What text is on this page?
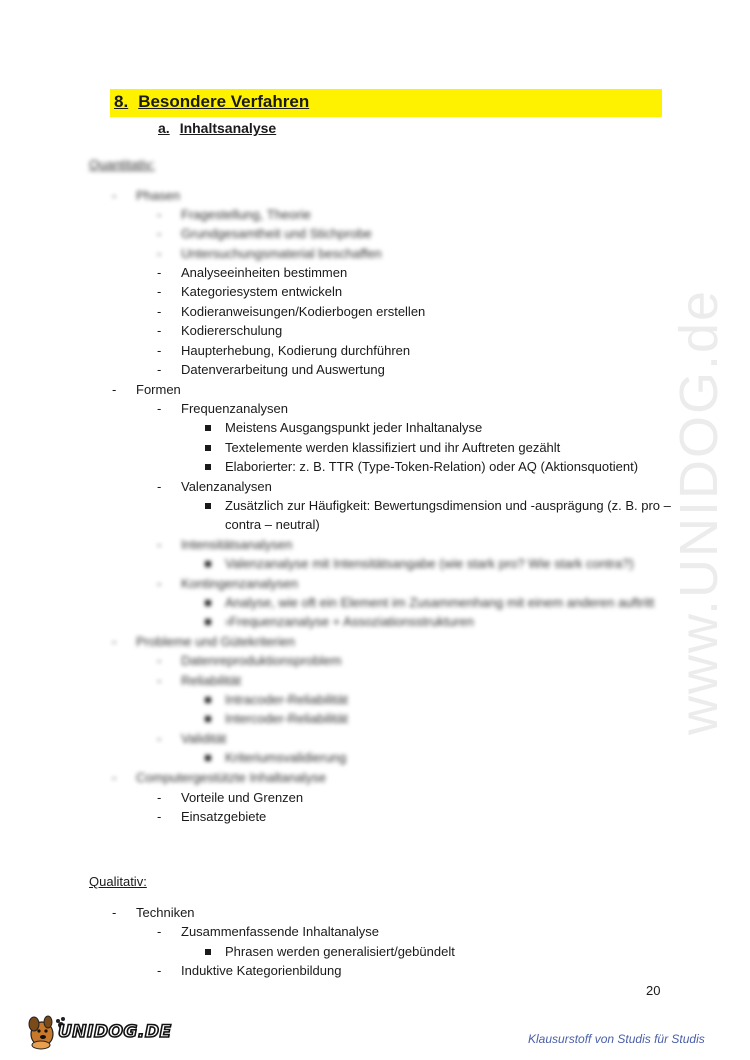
8. Besondere Verfahren
a. Inhaltsanalyse
Quantitativ:
- Phasen
- Fragestellung, Theorie
- Grundgesamtheit und Stichprobe
- Untersuchungsmaterial beschaffen
- Analyseeinheiten bestimmen
- Kategoriesystem entwickeln
- Kodieranweisungen/Kodierbogen erstellen
- Kodiererschulung
- Haupterhebung, Kodierung durchführen
- Datenverarbeitung und Auswertung
- Formen
- Frequenzanalysen
Meistens Ausgangspunkt jeder Inhaltanalyse
Textelemente werden klassifiziert und ihr Auftreten gezählt
Elaborierter: z. B. TTR (Type-Token-Relation) oder AQ (Aktionsquotient)
- Valenzanalysen
Zusätzlich zur Häufigkeit: Bewertungsdimension und -ausprägung (z. B. pro –
contra – neutral)
- Intensitätsanalysen
Valenzanalyse mit Intensitätsangabe (wie stark pro? Wie stark contra?)
- Kontingenzanalysen
Analyse, wie oft ein Element im Zusammenhang mit einem anderen auftritt
›Frequenzanalyse + Assoziationsstrukturen
- Probleme und Gütekriterien
- Datenreproduktionsproblem
- Reliabilität
Intracoder-Reliabilität
Intercoder-Reliabilität
- Validität
Kriteriumsvalidierung
- Computergestützte Inhaltanalyse
- Vorteile und Grenzen
- Einsatzgebiete
Qualitativ:
- Techniken
- Zusammenfassende Inhaltanalyse
Phrasen werden generalisiert/gebündelt
- Induktive Kategorienbildung
www.UNIDOG.de
20
UNIDOG.DE	Klausurstoff von Studis für Studis
